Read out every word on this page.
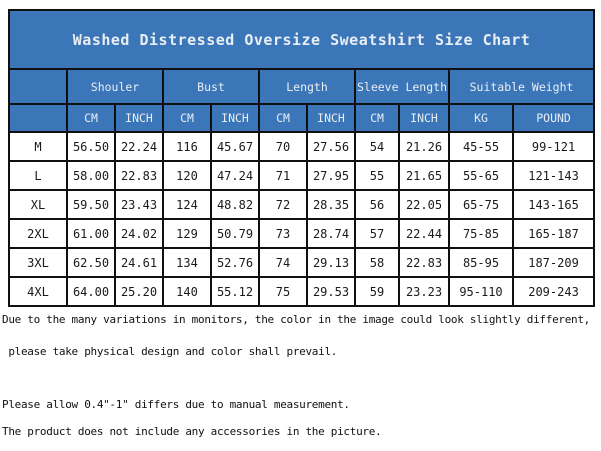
Washed Distressed Oversize Sweatshirt Size Chart										
	Shouler		Bust		Length		Sleeve Length		Suitable Weight	
	CM	INCH	CM	INCH	CM	INCH	CM	INCH	KG	POUND
M	56.50	22.24	116	45.67	70	27.56	54	21.26	45-55	99-121
L	58.00	22.83	120	47.24	71	27.95	55	21.65	55-65	121-143
XL	59.50	23.43	124	48.82	72	28.35	56	22.05	65-75	143-165
2XL	61.00	24.02	129	50.79	73	28.74	57	22.44	75-85	165-187
3XL	62.50	24.61	134	52.76	74	29.13	58	22.83	85-95	187-209
4XL	64.00	25.20	140	55.12	75	29.53	59	23.23	95-110	209-243
Due to the many variations in monitors, the color in the image could look slightly different,
please take physical design and color shall prevail.
Please allow 0.4"-1" differs due to manual measurement.
The product does not include any accessories in the picture.
